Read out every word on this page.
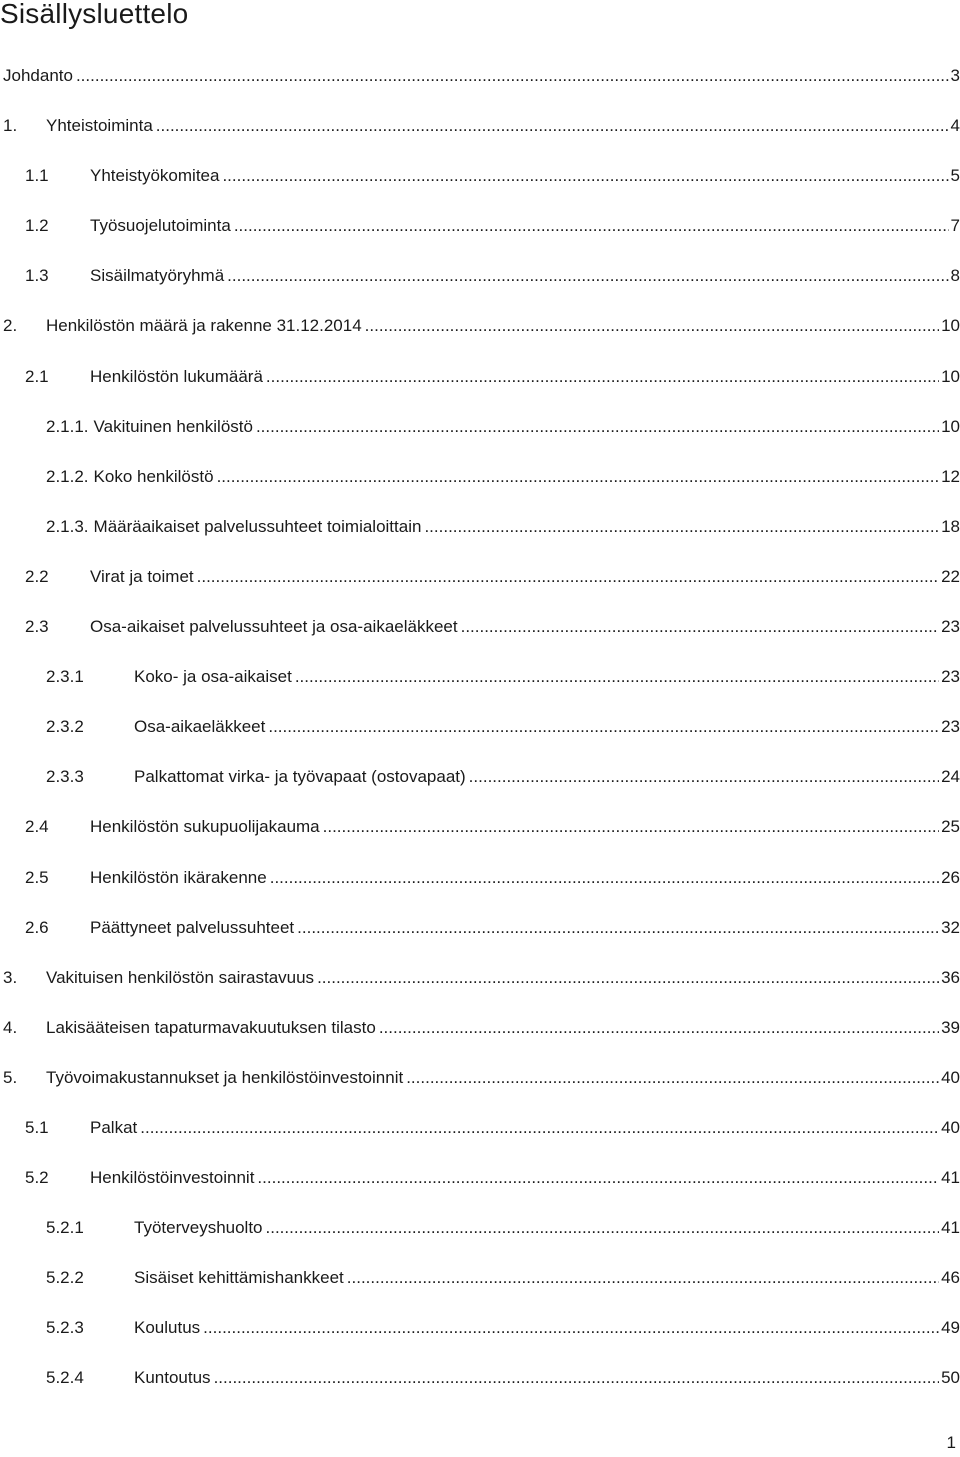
Sisällysluettelo
Johdanto .....	3
1.	Yhteistoiminta .....	4
1.1	Yhteistyökomitea .....	5
1.2	Työsuojelutoiminta .....	7
1.3	Sisäilmatyöryhmä .....	8
2.	Henkilöstön määrä ja rakenne 31.12.2014 .....	10
2.1	Henkilöstön lukumäärä .....	10
2.1.1. Vakituinen henkilöstö .....	10
2.1.2. Koko henkilöstö .....	12
2.1.3. Määräaikaiset palvelussuhteet toimialoittain .....	18
2.2	Virat ja toimet .....	22
2.3	Osa-aikaiset palvelussuhteet ja osa-aikaeläkkeet .....	23
2.3.1	Koko- ja osa-aikaiset .....	23
2.3.2	Osa-aikaeläkkeet .....	23
2.3.3	Palkattomat virka- ja työvapaat (ostovapaat) .....	24
2.4	Henkilöstön sukupuolijakauma .....	25
2.5	Henkilöstön ikärakenne .....	26
2.6	Päättyneet palvelussuhteet .....	32
3.	Vakituisen henkilöstön sairastavuus .....	36
4.	Lakisääteisen tapaturmavakuutuksen tilasto .....	39
5.	Työvoimakustannukset ja henkilöstöinvestoinnit .....	40
5.1	Palkat .....	40
5.2	Henkilöstöinvestoinnit .....	41
5.2.1	Työterveyshuolto .....	41
5.2.2	Sisäiset kehittämishankkeet .....	46
5.2.3	Koulutus .....	49
5.2.4	Kuntoutus .....	50
1
